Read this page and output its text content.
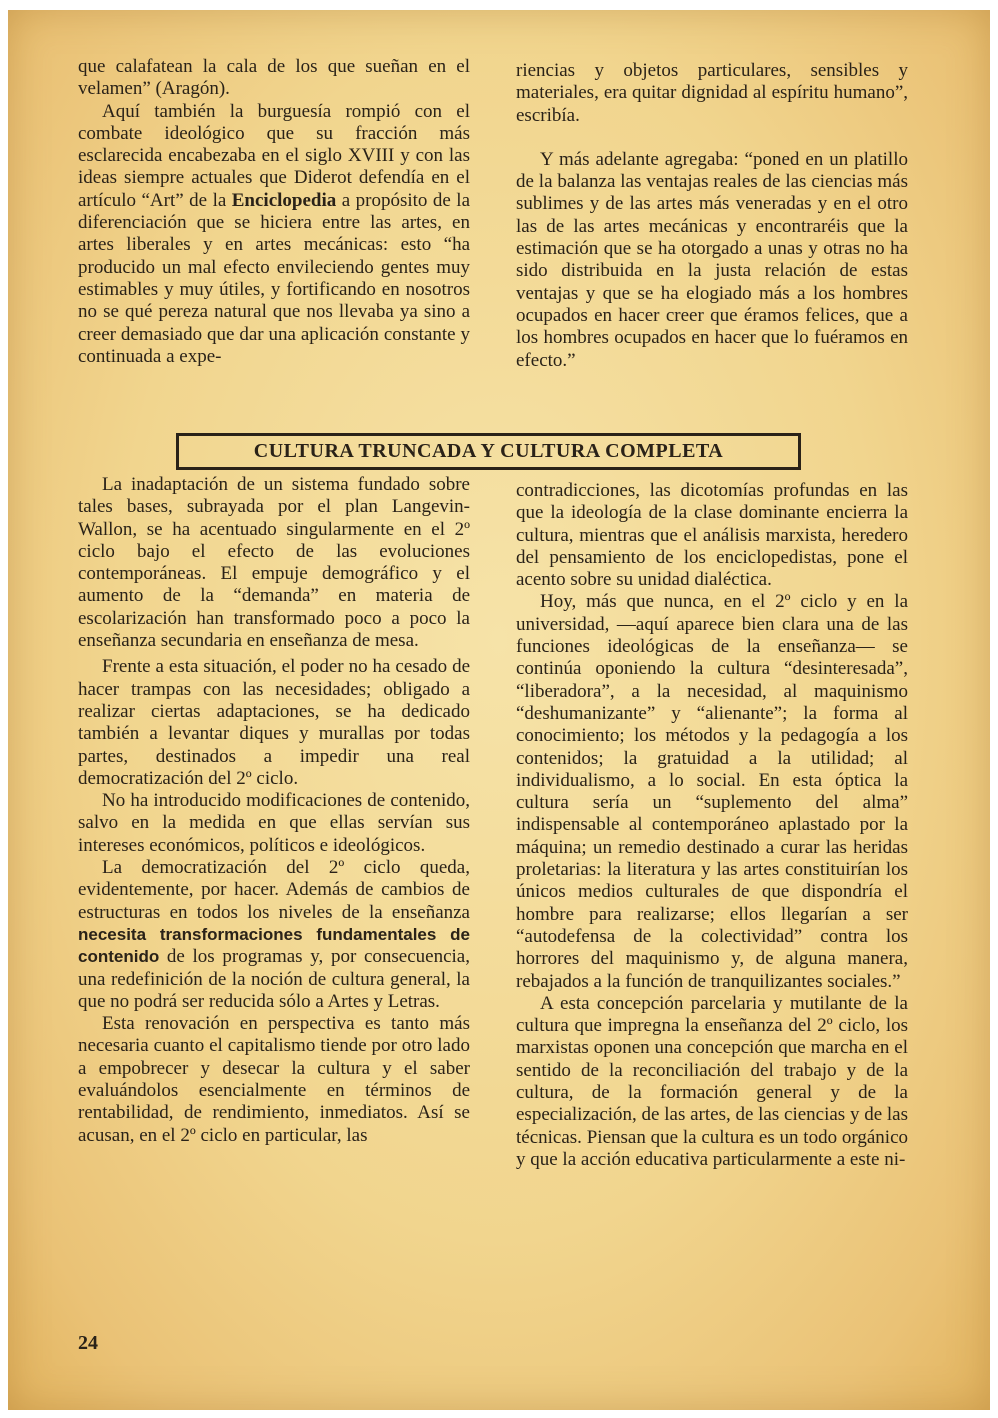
que calafatean la cala de los que sueñan en el velamen” (Aragón).

Aquí también la burguesía rompió con el combate ideológico que su fracción más esclarecida encabezaba en el siglo XVIII y con las ideas siempre actuales que Diderot defendía en el artículo “Art” de la Enciclopedia a propósito de la diferenciación que se hiciera entre las artes, en artes liberales y en artes mecánicas: esto “ha producido un mal efecto envileciendo gentes muy estimables y muy útiles, y fortificando en nosotros no se qué pereza natural que nos llevaba ya sino a creer demasiado que dar una aplicación constante y continuada a expe-

riencias y objetos particulares, sensibles y materiales, era quitar dignidad al espíritu humano”, escribía.

Y más adelante agregaba: “poned en un platillo de la balanza las ventajas reales de las ciencias más sublimes y de las artes más veneradas y en el otro las de las artes mecánicas y encontraréis que la estimación que se ha otorgado a unas y otras no ha sido distribuida en la justa relación de estas ventajas y que se ha elogiado más a los hombres ocupados en hacer creer que éramos felices, que a los hombres ocupados en hacer que lo fuéramos en efecto.”

CULTURA TRUNCADA Y CULTURA COMPLETA

La inadaptación de un sistema fundado sobre tales bases, subrayada por el plan Langevin-Wallon, se ha acentuado singularmente en el 2º ciclo bajo el efecto de las evoluciones contemporáneas. El empuje demográfico y el aumento de la “demanda” en materia de escolarización han transformado poco a poco la enseñanza secundaria en enseñanza de mesa.

Frente a esta situación, el poder no ha cesado de hacer trampas con las necesidades; obligado a realizar ciertas adaptaciones, se ha dedicado también a levantar diques y murallas por todas partes, destinados a impedir una real democratización del 2º ciclo.

No ha introducido modificaciones de contenido, salvo en la medida en que ellas servían sus intereses económicos, políticos e ideológicos.

La democratización del 2º ciclo queda, evidentemente, por hacer. Además de cambios de estructuras en todos los niveles de la enseñanza necesita transformaciones fundamentales de contenido de los programas y, por consecuencia, una redefinición de la noción de cultura general, la que no podrá ser reducida sólo a Artes y Letras.

Esta renovación en perspectiva es tanto más necesaria cuanto el capitalismo tiende por otro lado a empobrecer y desecar la cultura y el saber evaluándolos esencialmente en términos de rentabilidad, de rendimiento, inmediatos. Así se acusan, en el 2º ciclo en particular, las

contradicciones, las dicotomías profundas en las que la ideología de la clase dominante encierra la cultura, mientras que el análisis marxista, heredero del pensamiento de los enciclopedistas, pone el acento sobre su unidad dialéctica.

Hoy, más que nunca, en el 2º ciclo y en la universidad, —aquí aparece bien clara una de las funciones ideológicas de la enseñanza— se continúa oponiendo la cultura “desinteresada”, “liberadora”, a la necesidad, al maquinismo “deshumanizante” y “alienante”; la forma al conocimiento; los métodos y la pedagogía a los contenidos; la gratuidad a la utilidad; al individualismo, a lo social. En esta óptica la cultura sería un “suplemento del alma” indispensable al contemporáneo aplastado por la máquina; un remedio destinado a curar las heridas proletarias: la literatura y las artes constituirían los únicos medios culturales de que dispondría el hombre para realizarse; ellos llegarían a ser “autodefensa de la colectividad” contra los horrores del maquinismo y, de alguna manera, rebajados a la función de tranquilizantes sociales.”

A esta concepción parcelaria y mutilante de la cultura que impregna la enseñanza del 2º ciclo, los marxistas oponen una concepción que marcha en el sentido de la reconciliación del trabajo y de la cultura, de la formación general y de la especialización, de las artes, de las ciencias y de las técnicas. Piensan que la cultura es un todo orgánico y que la acción educativa particularmente a este ni-

24
